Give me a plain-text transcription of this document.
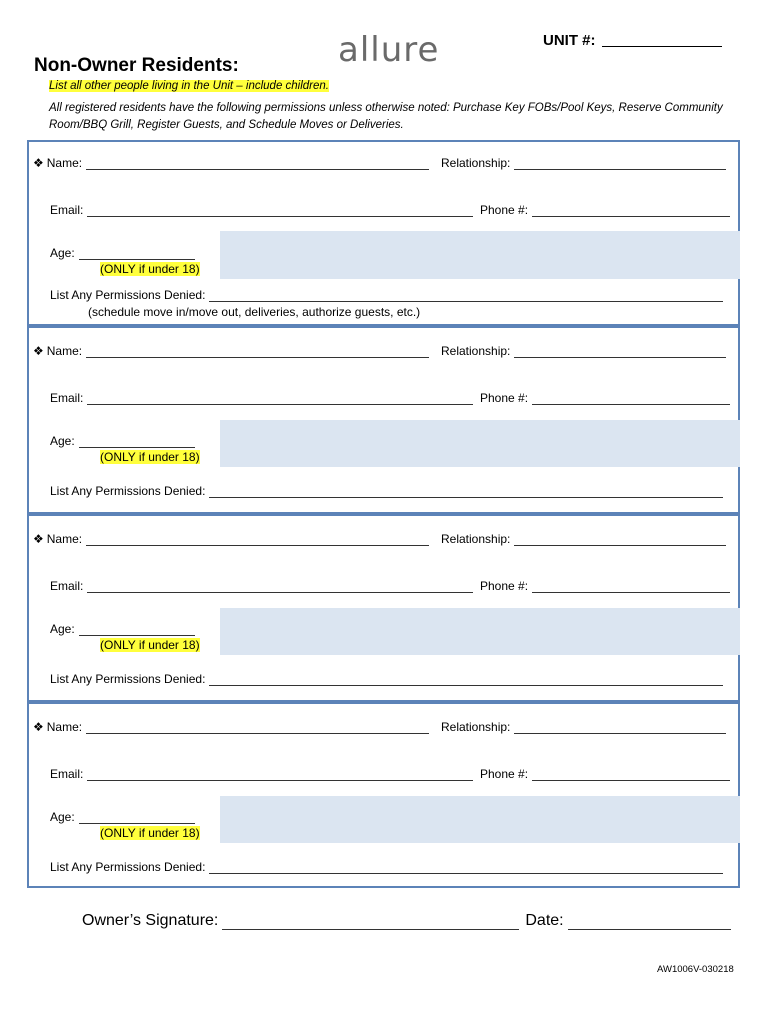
UNIT #:
allure
Non-Owner Residents:
List all other people living in the Unit – include children.
All registered residents have the following permissions unless otherwise noted: Purchase Key FOBs/Pool Keys, Reserve Community Room/BBQ Grill, Register Guests, and Schedule Moves or Deliveries.
❖ Name:	Relationship:
Email:	Phone #:
Age:
(ONLY if under 18)
List Any Permissions Denied:
(schedule move in/move out, deliveries, authorize guests, etc.)
❖ Name:	Relationship:
Email:	Phone #:
Age:
(ONLY if under 18)
List Any Permissions Denied:
❖ Name:	Relationship:
Email:	Phone #:
Age:
(ONLY if under 18)
List Any Permissions Denied:
❖ Name:	Relationship:
Email:	Phone #:
Age:
(ONLY if under 18)
List Any Permissions Denied:
Owner’s Signature:	Date:
AW1006V-030218
